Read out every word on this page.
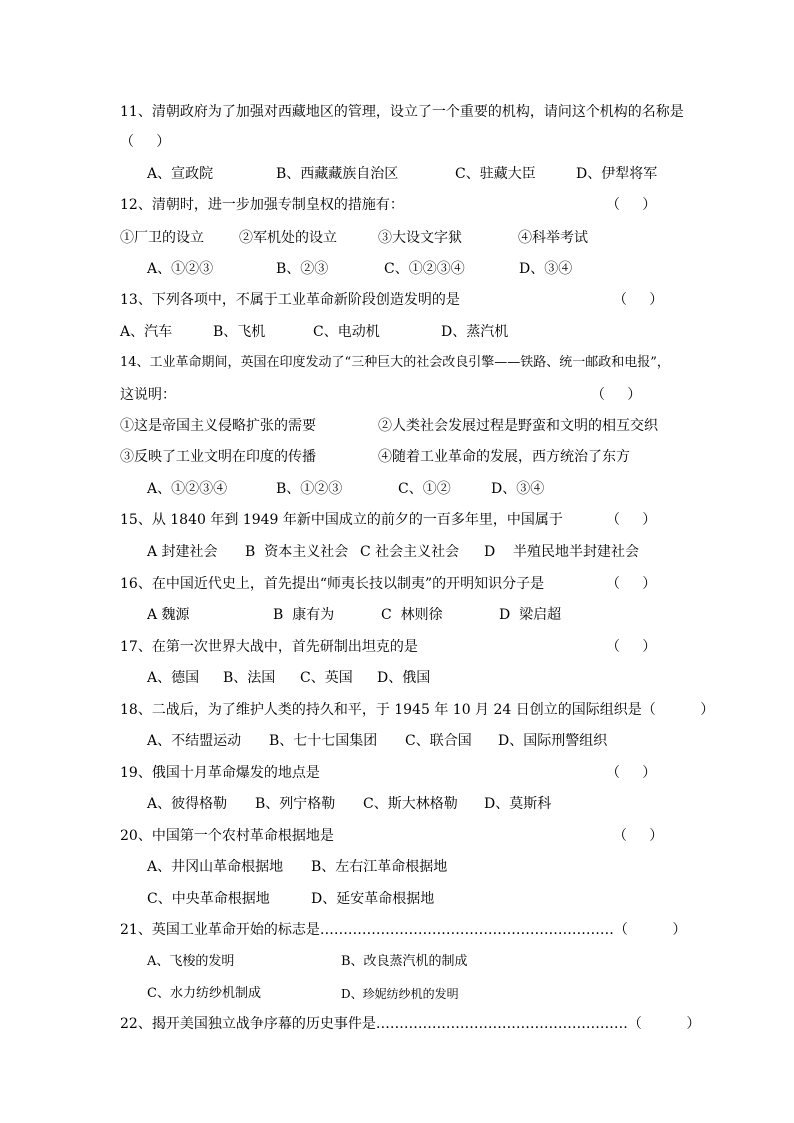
11、清朝政府为了加强对西藏地区的管理，设立了一个重要的机构，请问这个机构的名称是
（     ）
A、宣政院	B、西藏藏族自治区	C、驻藏大臣	D、伊犁将军
12、清朝时，进一步加强专制皇权的措施有：	（     ）
①厂卫的设立	②军机处的设立	③大设文字狱	④科举考试
A、①②③	B、②③	C、①②③④	D、③④
13、下列各项中，不属于工业革命新阶段创造发明的是	（     ）
A、汽车	B、飞机	C、电动机	D、蒸汽机
14、工业革命期间，英国在印度发动了“三种巨大的社会改良引擎——铁路、统一邮政和电报”，
这说明：	（     ）
①这是帝国主义侵略扩张的需要	②人类社会发展过程是野蛮和文明的相互交织
③反映了工业文明在印度的传播	④随着工业革命的发展，西方统治了东方
A、①②③④	B、①②③	C、①②	D、③④
15、从 1840 年到 1949 年新中国成立的前夕的一百多年里，中国属于	（     ）
A 封建社会 B  资本主义社会 C 社会主义社会 D    半殖民地半封建社会
16、在中国近代史上，首先提出“师夷长技以制夷”的开明知识分子是	（     ）
A 魏源	B  康有为	C  林则徐	D  梁启超
17、在第一次世界大战中，首先研制出坦克的是	（     ）
A、德国 B、法国 C、英国 D、俄国
18、二战后，为了维护人类的持久和平，于 1945 年 10 月 24 日创立的国际组织是（          ）
A、不结盟运动 B、七十七国集团 C、联合国 D、国际刑警组织
19、俄国十月革命爆发的地点是	（     ）
A、彼得格勒 B、列宁格勒 C、斯大林格勒 D、莫斯科
20、中国第一个农村革命根据地是	（     ）
A、井冈山革命根据地 B、左右江革命根据地
C、中央革命根据地	D、延安革命根据地
21、英国工业革命开始的标志是………………………………………………………（          ）
A、飞梭的发明	B、改良蒸汽机的制成
C、水力纺纱机制成	D、珍妮纺纱机的发明
22、揭开美国独立战争序幕的历史事件是………………………………………………（          ）
